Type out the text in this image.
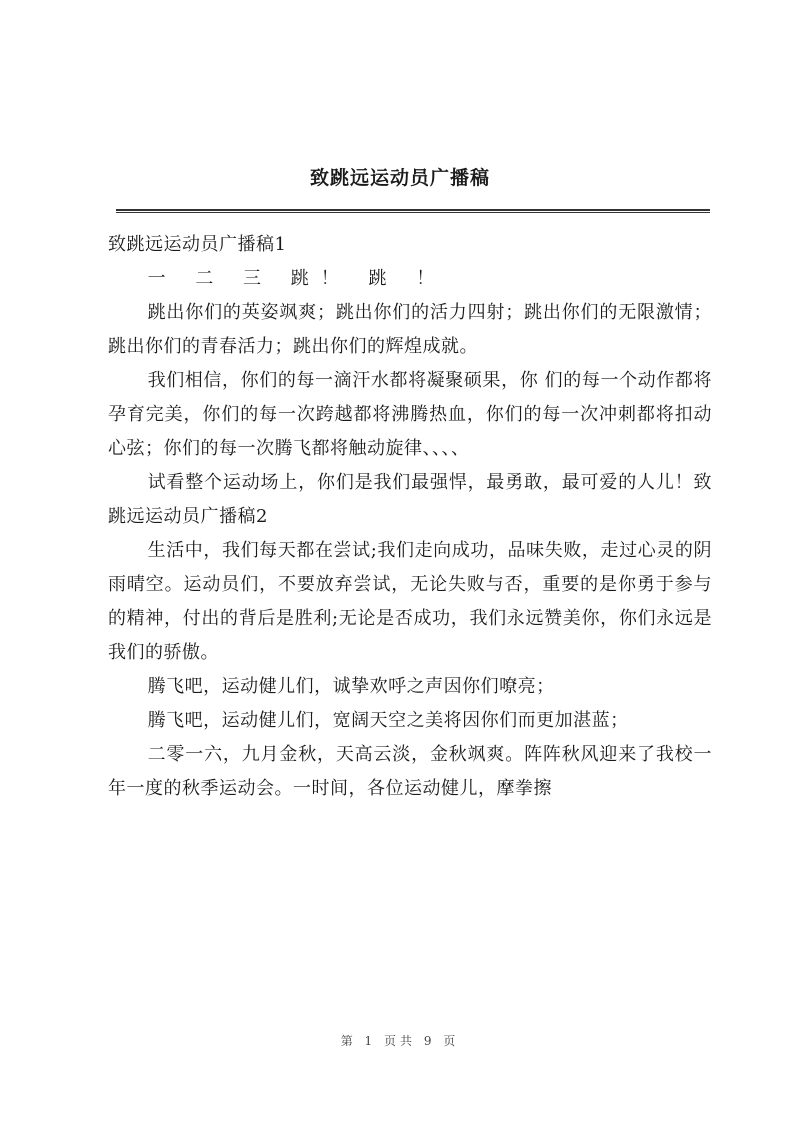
致跳远运动员广播稿

致跳远运动员广播稿1

一 二 三 跳！ 跳 ！

跳出你们的英姿飒爽；跳出你们的活力四射；跳出你们的无限激情；跳出你们的青春活力；跳出你们的辉煌成就。

我们相信，你们的每一滴汗水都将凝聚硕果，你 们的每一个动作都将孕育完美，你们的每一次跨越都将沸腾热血，你们的每一次冲刺都将扣动心弦；你们的每一次腾飞都将触动旋律、、、、

试看整个运动场上，你们是我们最强悍，最勇敢，最可爱的人儿！致跳远运动员广播稿2

生活中，我们每天都在尝试;我们走向成功，品味失败，走过心灵的阴雨晴空。运动员们，不要放弃尝试，无论失败与否，重要的是你勇于参与的精神，付出的背后是胜利;无论是否成功，我们永远赞美你，你们永远是我们的骄傲。

腾飞吧，运动健儿们，诚挚欢呼之声因你们嘹亮；

腾飞吧，运动健儿们，宽阔天空之美将因你们而更加湛蓝；

二零一六，九月金秋，天高云淡，金秋飒爽。阵阵秋风迎来了我校一年一度的秋季运动会。一时间，各位运动健儿，摩拳擦

第 1 页共 9 页
